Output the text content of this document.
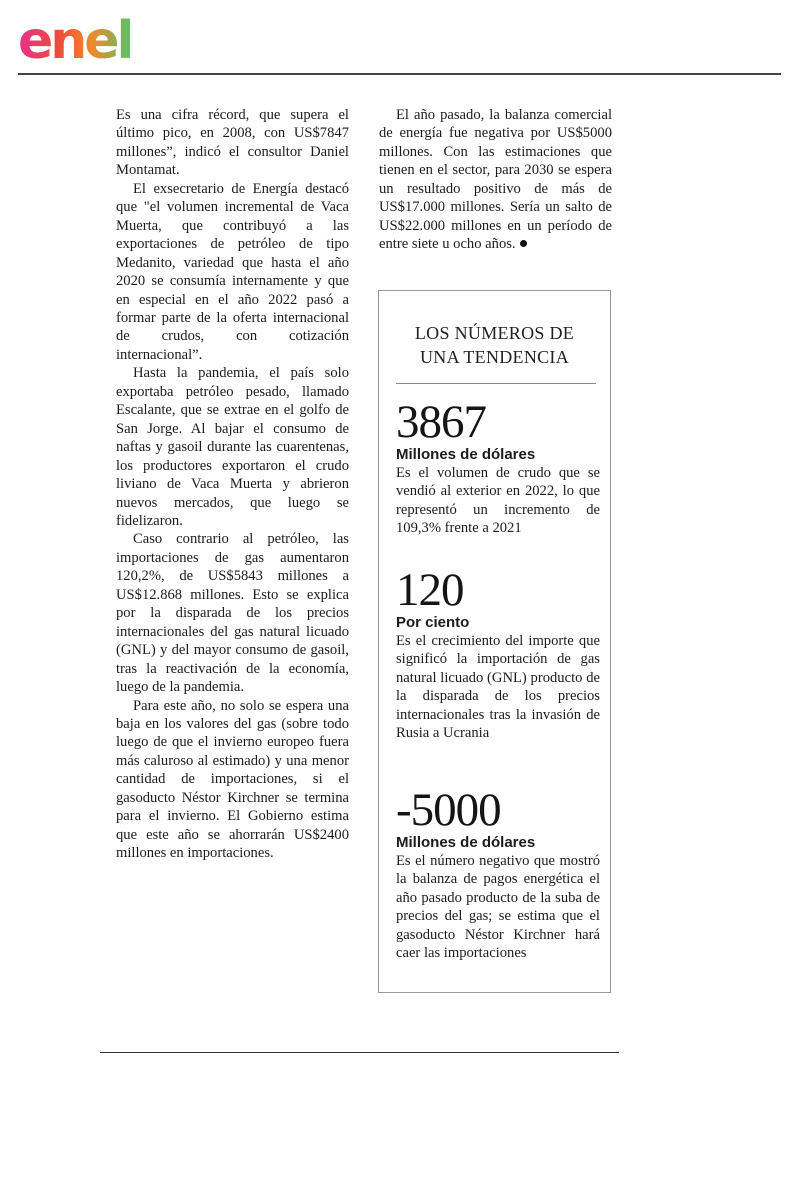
enel

Es una cifra récord, que supera el último pico, en 2008, con US$7847 millones”, indicó el consultor Daniel Montamat.

El exsecretario de Energía destacó que "el volumen incremental de Vaca Muerta, que contribuyó a las exportaciones de petróleo de tipo Medanito, variedad que hasta el año 2020 se consumía internamente y que en especial en el año 2022 pasó a formar parte de la oferta internacional de crudos, con cotización internacional”.

Hasta la pandemia, el país solo exportaba petróleo pesado, llamado Escalante, que se extrae en el golfo de San Jorge. Al bajar el consumo de naftas y gasoil durante las cuarentenas, los productores exportaron el crudo liviano de Vaca Muerta y abrieron nuevos mercados, que luego se fidelizaron.

Caso contrario al petróleo, las importaciones de gas aumentaron 120,2%, de US$5843 millones a US$12.868 millones. Esto se explica por la disparada de los precios internacionales del gas natural licuado (GNL) y del mayor consumo de gasoil, tras la reactivación de la economía, luego de la pandemia.

Para este año, no solo se espera una baja en los valores del gas (sobre todo luego de que el invierno europeo fuera más caluroso al estimado) y una menor cantidad de importaciones, si el gasoducto Néstor Kirchner se termina para el invierno. El Gobierno estima que este año se ahorrarán US$2400 millones en importaciones.

El año pasado, la balanza comercial de energía fue negativa por US$5000 millones. Con las estimaciones que tienen en el sector, para 2030 se espera un resultado positivo de más de US$17.000 millones. Sería un salto de US$22.000 millones en un período de entre siete u ocho años.

LOS NÚMEROS DE
UNA TENDENCIA
3867
Millones de dólares
Es el volumen de crudo que se vendió al exterior en 2022, lo que representó un incremento de 109,3% frente a 2021
120
Por ciento
Es el crecimiento del importe que significó la importación de gas natural licuado (GNL) producto de la disparada de los precios internacionales tras la invasión de Rusia a Ucrania
-5000
Millones de dólares
Es el número negativo que mostró la balanza de pagos energética el año pasado producto de la suba de precios del gas; se estima que el gasoducto Néstor Kirchner hará caer las importaciones
